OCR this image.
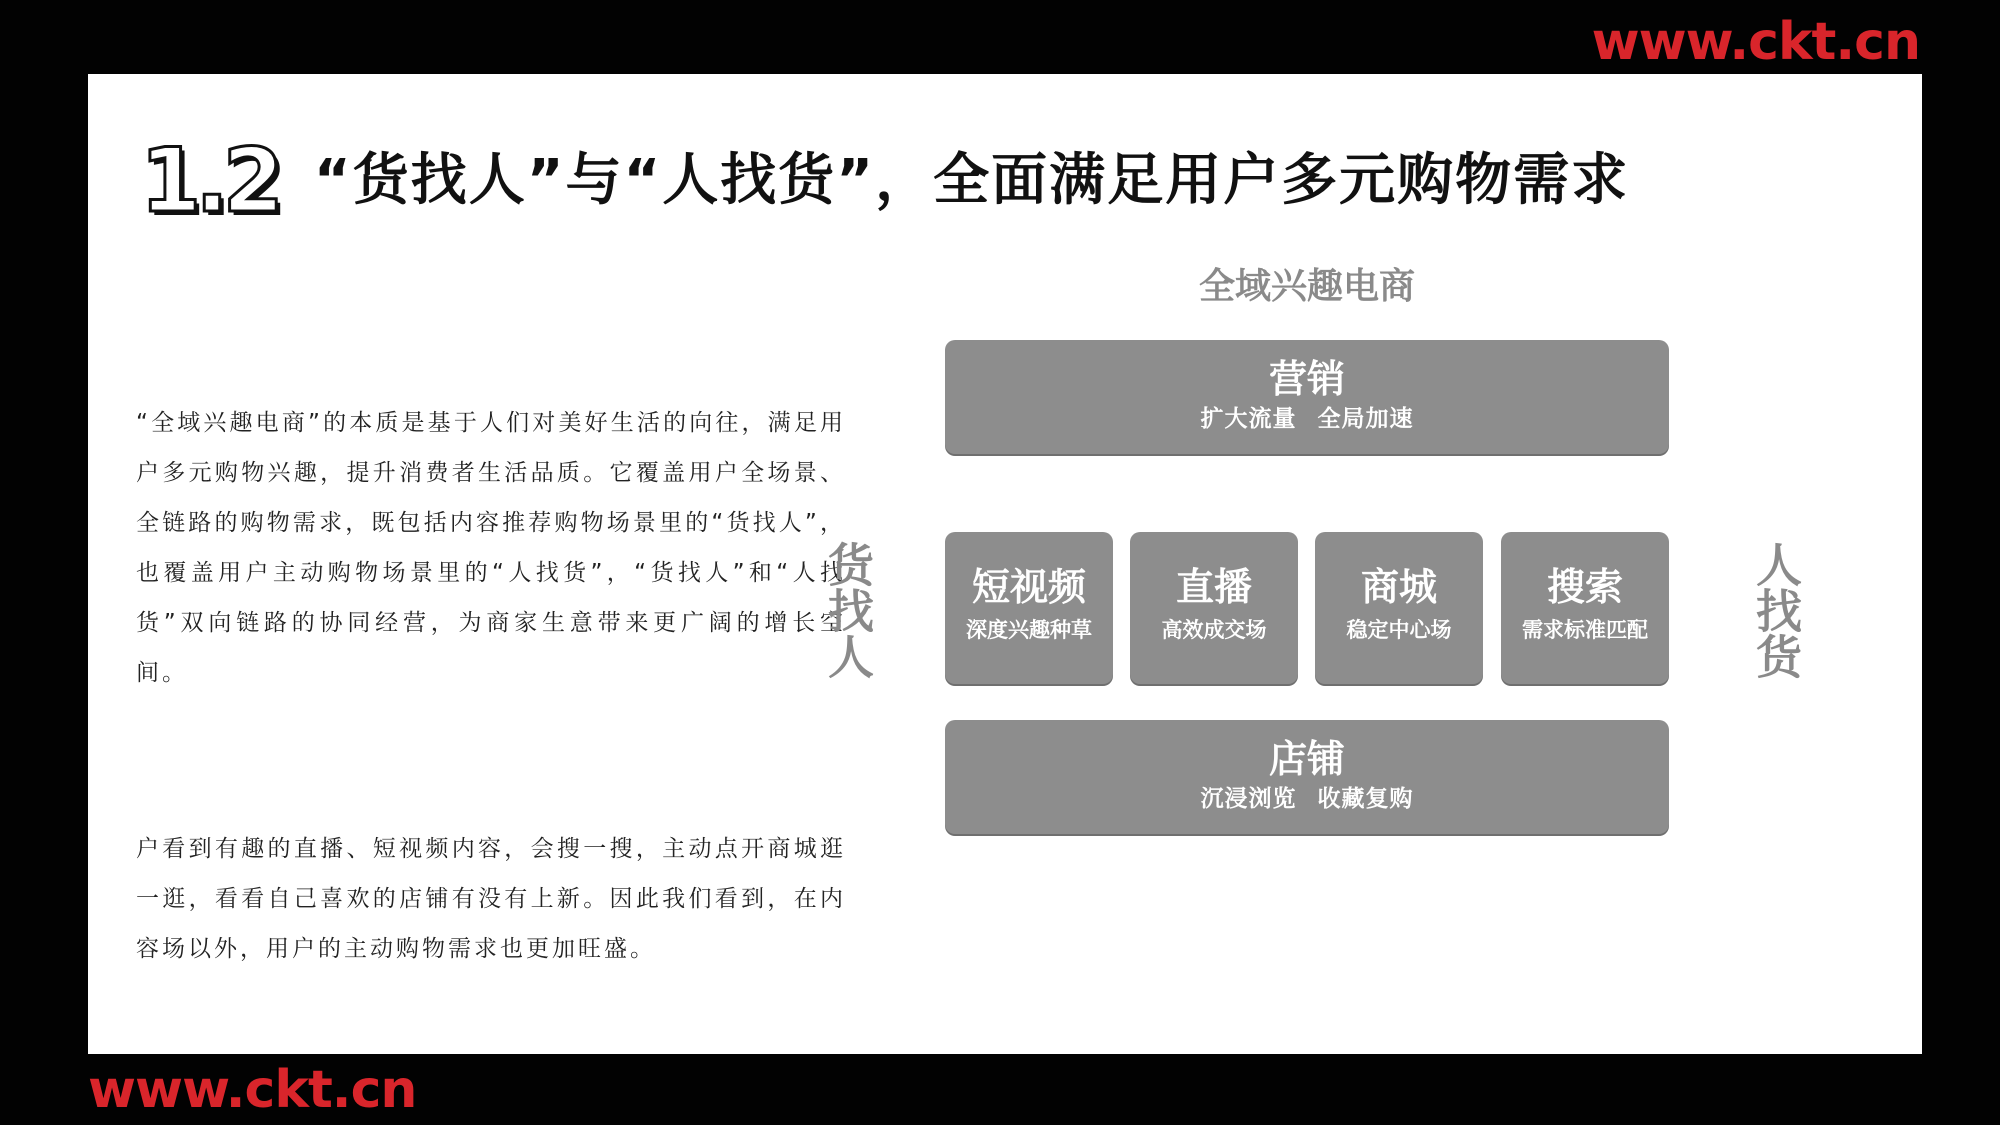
www.ckt.cn
1.2 “货找人”与“人找货”，全面满足用户多元购物需求
“全域兴趣电商”的本质是基于人们对美好生活的向往，满足用户多元购物兴趣，提升消费者生活品质。它覆盖用户全场景、全链路的购物需求，既包括内容推荐购物场景里的“货找人”，也覆盖用户主动购物场景里的“人找货”，“货找人”和“人找货”双向链路的协同经营，为商家生意带来更广阔的增长空间。
户看到有趣的直播、短视频内容，会搜一搜，主动点开商城逛一逛，看看自己喜欢的店铺有没有上新。因此我们看到，在内容场以外，用户的主动购物需求也更加旺盛。
全域兴趣电商
货找人	人找货
营销
扩大流量 全局加速
短视频
深度兴趣种草
直播
高效成交场
商城
稳定中心场
搜索
需求标准匹配
店铺
沉浸浏览 收藏复购
www.ckt.cn
